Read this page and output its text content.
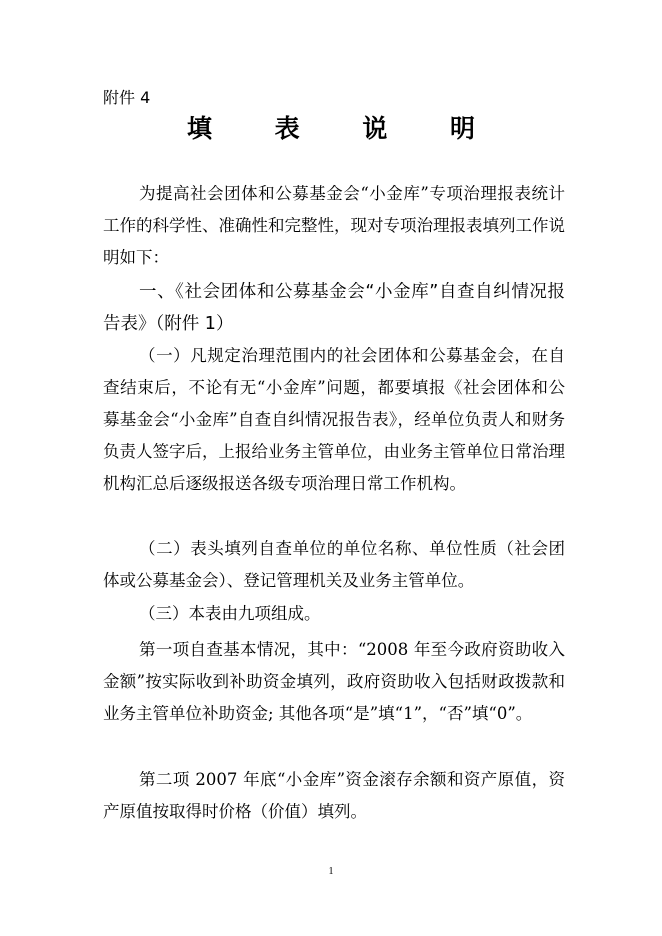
附件 4
填 表 说 明

为提高社会团体和公募基金会“小金库”专项治理报表统计工作的科学性、准确性和完整性，现对专项治理报表填列工作说明如下：

一、《社会团体和公募基金会“小金库”自查自纠情况报告表》（附件 1）

（一）凡规定治理范围内的社会团体和公募基金会，在自查结束后，不论有无“小金库”问题，都要填报《社会团体和公募基金会“小金库”自查自纠情况报告表》，经单位负责人和财务负责人签字后，上报给业务主管单位，由业务主管单位日常治理机构汇总后逐级报送各级专项治理日常工作机构。

（二）表头填列自查单位的单位名称、单位性质（社会团体或公募基金会）、登记管理机关及业务主管单位。

（三）本表由九项组成。

第一项自查基本情况，其中：“2008 年至今政府资助收入金额”按实际收到补助资金填列，政府资助收入包括财政拨款和业务主管单位补助资金; 其他各项“是”填“1”，“否”填“0”。

第二项 2007 年底“小金库”资金滚存余额和资产原值，资产原值按取得时价格（价值）填列。

1
